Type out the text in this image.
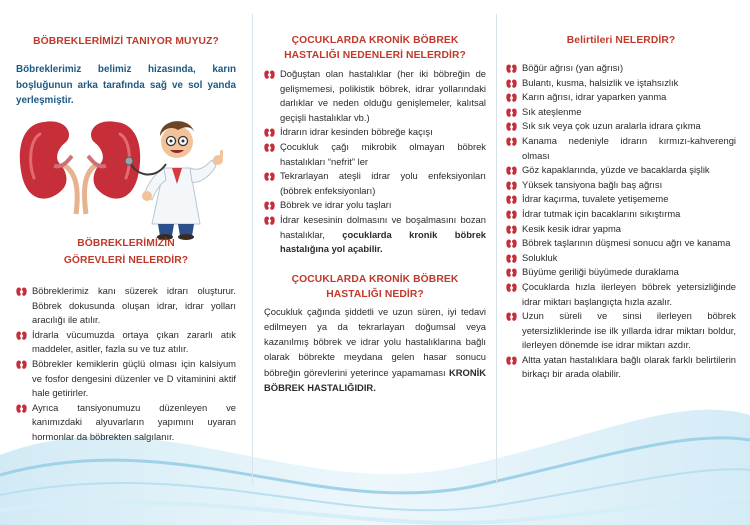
BÖBREKLERİMİZİ TANIYOR MUYUZ?
Böbreklerimiz belimiz hizasında, karın boşluğunun arka tarafında sağ ve sol yanda yerleşmiştir.
BÖBREKLERİMİZİN
GÖREVLERİ NELERDİR?
Böbreklerimiz kanı süzerek idrarı oluşturur. Böbrek dokusunda oluşan idrar, idrar yolları aracılığı ile atılır.
İdrarla vücumuzda ortaya çıkan zararlı atık maddeler, asitler, fazla su ve tuz atılır.
Böbrekler kemiklerin güçlü olması için kalsiyum ve fosfor dengesini düzenler ve D vitaminini aktif hale getirirler.
Ayrıca tansiyonumuzu düzenleyen ve kanımızdaki alyuvarların yapımını uyaran hormonlar da böbrekten salgılanır.
ÇOCUKLARDA KRONİK BÖBREK
HASTALIĞI NEDENLERİ NELERDİR?
Doğuştan olan hastalıklar (her iki böbreğin de gelişmemesi, polikistik böbrek, idrar yollarındaki darlıklar ve neden olduğu genişlemeler, kalıtsal geçişli hastalıklar vb.)
İdrarın idrar kesinden böbreğe kaçışı
Çocukluk çağı mikrobik olmayan böbrek hastalıkları “nefrit” ler
Tekrarlayan ateşli idrar yolu enfeksiyonları (böbrek enfeksiyonları)
Böbrek ve idrar yolu taşları
İdrar kesesinin dolmasını ve boşalmasını bozan hastalıklar, çocuklarda kronik böbrek hastalığına yol açabilir.
ÇOCUKLARDA KRONİK BÖBREK
HASTALIĞI NEDİR?
Çocukluk çağında şiddetli ve uzun süren, iyi tedavi edilmeyen ya da tekrarlayan doğumsal veya kazanılmış böbrek ve idrar yolu hastalıklarına bağlı olarak böbrekte meydana gelen hasar sonucu böbreğin görevlerini yeterince yapamaması KRONİK BÖBREK HASTALIĞIDIR.
Belirtileri NELERDİR?
Böğür ağrısı (yan ağrısı)
Bulantı, kusma, halsizlik ve iştahsızlık
Karın ağrısı, idrar yaparken yanma
Sık ateşlenme
Sık sık veya çok uzun aralarla idrara çıkma
Kanama nedeniyle idrarın kırmızı-kahverengi olması
Göz kapaklarında, yüzde ve bacaklarda şişlik
Yüksek tansiyona bağlı baş ağrısı
İdrar kaçırma, tuvalete yetişememe
İdrar tutmak için bacaklarını sıkıştırma
Kesik kesik idrar yapma
Böbrek taşlarının düşmesi sonucu ağrı ve kanama
Solukluk
Büyüme geriliği büyümede duraklama
Çocuklarda hızla ilerleyen böbrek yetersizliğinde idrar miktarı başlangıçta hızla azalır.
Uzun süreli ve sinsi ilerleyen böbrek yetersizliklerinde ise ilk yıllarda idrar miktarı boldur, ilerleyen dönemde ise idrar miktarı azdır.
Altta yatan hastalıklara bağlı olarak farklı belirtilerin birkaçı bir arada olabilir.
